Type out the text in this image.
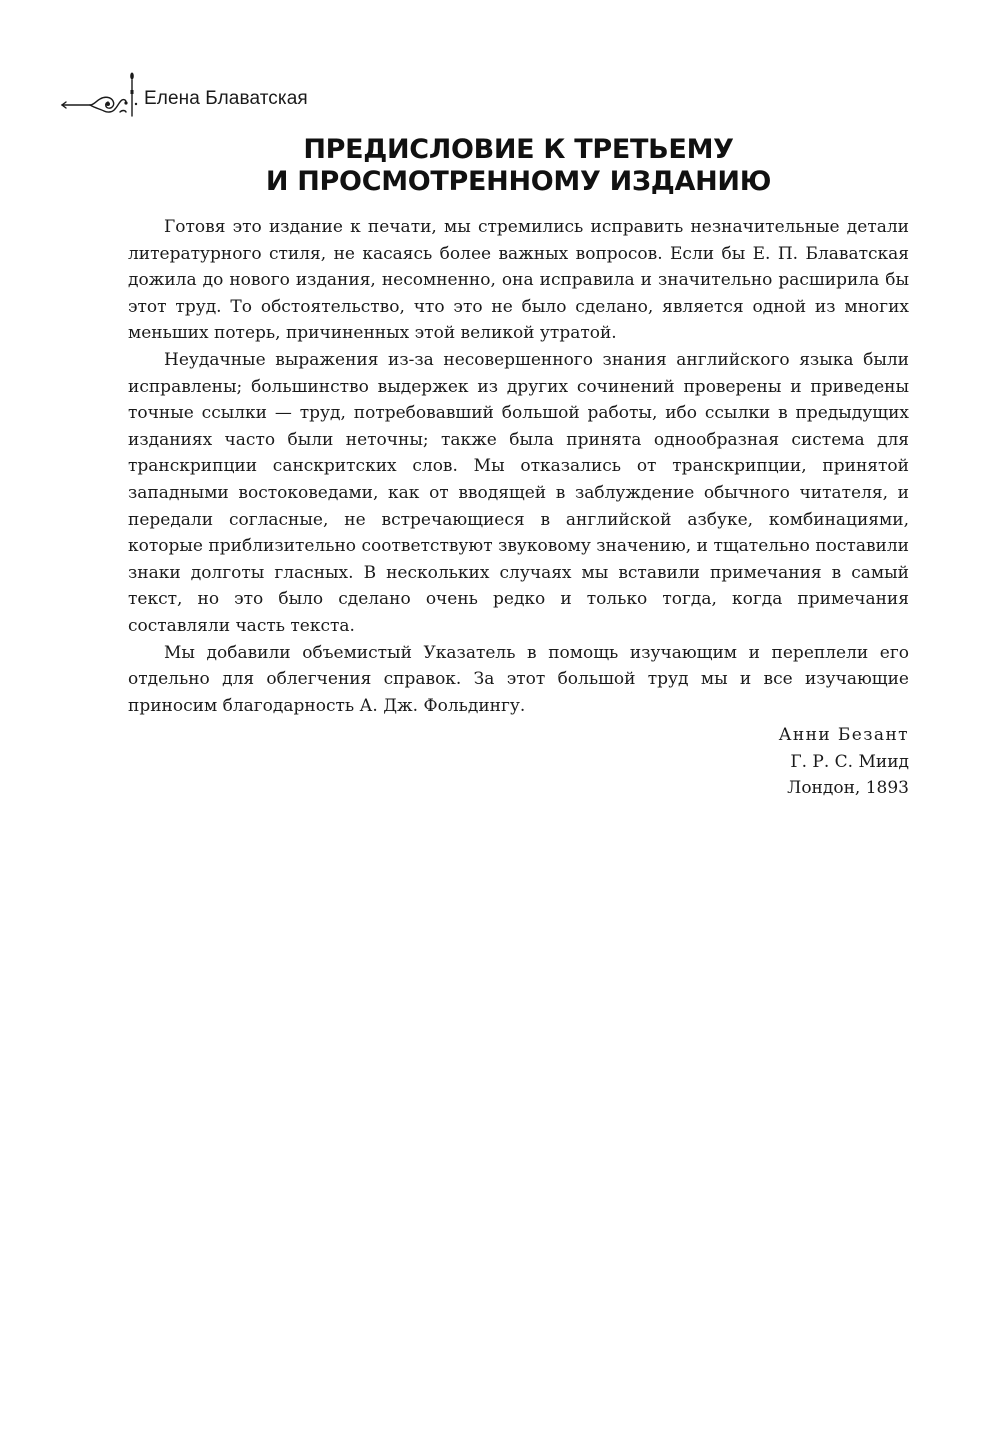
Елена Блаватская
ПРЕДИСЛОВИЕ К ТРЕТЬЕМУ
И ПРОСМОТРЕННОМУ ИЗДАНИЮ

Готовя это издание к печати, мы стремились исправить незначительные детали литературного стиля, не касаясь более важных вопросов. Если бы Е. П. Блаватская дожила до нового издания, несомненно, она исправила и значительно расширила бы этот труд. То обстоятельство, что это не было сделано, является одной из многих меньших потерь, причиненных этой великой утратой.

Неудачные выражения из-за несовершенного знания английского языка были исправлены; большинство выдержек из других сочинений проверены и приведены точные ссылки — труд, потребовавший большой работы, ибо ссылки в предыдущих изданиях часто были неточны; также была принята однообразная система для транскрипции санскритских слов. Мы отказались от транскрипции, принятой западными востоковедами, как от вводящей в заблуждение обычного читателя, и передали согласные, не встречающиеся в английской азбуке, комбинациями, которые приблизительно соответствуют звуковому значению, и тщательно поставили знаки долготы гласных. В нескольких случаях мы вставили примечания в самый текст, но это было сделано очень редко и только тогда, когда примечания составляли часть текста.

Мы добавили объемистый Указатель в помощь изучающим и переплели его отдельно для облегчения справок. За этот большой труд мы и все изучающие приносим благодарность А. Дж. Фольдингу.

Анни Безант
Г. Р. С. Миид
Лондон, 1893
